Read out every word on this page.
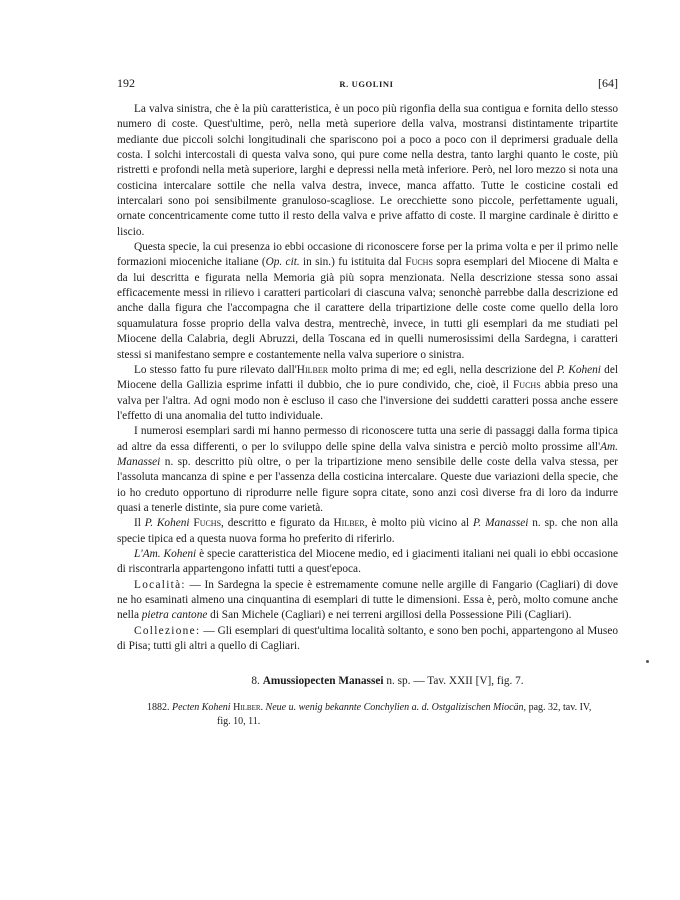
192	R. UGOLINI	[64]

La valva sinistra, che è la più caratteristica, è un poco più rigonfia della sua contigua e fornita dello stesso numero di coste. Quest'ultime, però, nella metà superiore della valva, mostransi distintamente tripartite mediante due piccoli solchi longitudinali che spariscono poi a poco a poco con il deprimersi graduale della costa. I solchi intercostali di questa valva sono, qui pure come nella destra, tanto larghi quanto le coste, più ristretti e profondi nella metà superiore, larghi e depressi nella metà inferiore. Però, nel loro mezzo si nota una costicina intercalare sottile che nella valva destra, invece, manca affatto. Tutte le costicine costali ed intercalari sono poi sensibilmente granuloso-scagliose. Le orecchiette sono piccole, perfettamente uguali, ornate concentricamente come tutto il resto della valva e prive affatto di coste. Il margine cardinale è diritto e liscio.

Questa specie, la cui presenza io ebbi occasione di riconoscere forse per la prima volta e per il primo nelle formazioni mioceniche italiane (Op. cit. in sin.) fu istituita dal Fuchs sopra esemplari del Miocene di Malta e da lui descritta e figurata nella Memoria già più sopra menzionata. Nella descrizione stessa sono assai efficacemente messi in rilievo i caratteri particolari di ciascuna valva; senonchè parrebbe dalla descrizione ed anche dalla figura che l'accompagna che il carattere della tripartizione delle coste come quello della loro squamulatura fosse proprio della valva destra, mentrechè, invece, in tutti gli esemplari da me studiati pel Miocene della Calabria, degli Abruzzi, della Toscana ed in quelli numerosissimi della Sardegna, i caratteri stessi si manifestano sempre e costantemente nella valva superiore o sinistra.

Lo stesso fatto fu pure rilevato dall'Hilber molto prima di me; ed egli, nella descrizione del P. Koheni del Miocene della Gallizia esprime infatti il dubbio, che io pure condivido, che, cioè, il Fuchs abbia preso una valva per l'altra. Ad ogni modo non è escluso il caso che l'inversione dei suddetti caratteri possa anche essere l'effetto di una anomalia del tutto individuale.

I numerosi esemplari sardi mi hanno permesso di riconoscere tutta una serie di passaggi dalla forma tipica ad altre da essa differenti, o per lo sviluppo delle spine della valva sinistra e perciò molto prossime all'Am. Manassei n. sp. descritto più oltre, o per la tripartizione meno sensibile delle coste della valva stessa, per l'assoluta mancanza di spine e per l'assenza della costicina intercalare. Queste due variazioni della specie, che io ho creduto opportuno di riprodurre nelle figure sopra citate, sono anzi così diverse fra di loro da indurre quasi a tenerle distinte, sia pure come varietà.

Il P. Koheni Fuchs, descritto e figurato da Hilber, è molto più vicino al P. Manassei n. sp. che non alla specie tipica ed a questa nuova forma ho preferito di riferirlo.

L'Am. Koheni è specie caratteristica del Miocene medio, ed i giacimenti italiani nei quali io ebbi occasione di riscontrarla appartengono infatti tutti a quest'epoca.

Località: — In Sardegna la specie è estremamente comune nelle argille di Fangario (Cagliari) di dove ne ho esaminati almeno una cinquantina di esemplari di tutte le dimensioni. Essa è, però, molto comune anche nella pietra cantone di San Michele (Cagliari) e nei terreni argillosi della Possessione Pili (Cagliari).

Collezione: — Gli esemplari di quest'ultima località soltanto, e sono ben pochi, appartengono al Museo di Pisa; tutti gli altri a quello di Cagliari.

8. Amussiopecten Manassei n. sp. — Tav. XXII [V], fig. 7.
1882. Pecten Koheni Hilber. Neue u. wenig bekannte Conchylien a. d. Ostgalizischen Miocän, pag. 32, tav. IV,
fig. 10, 11.
